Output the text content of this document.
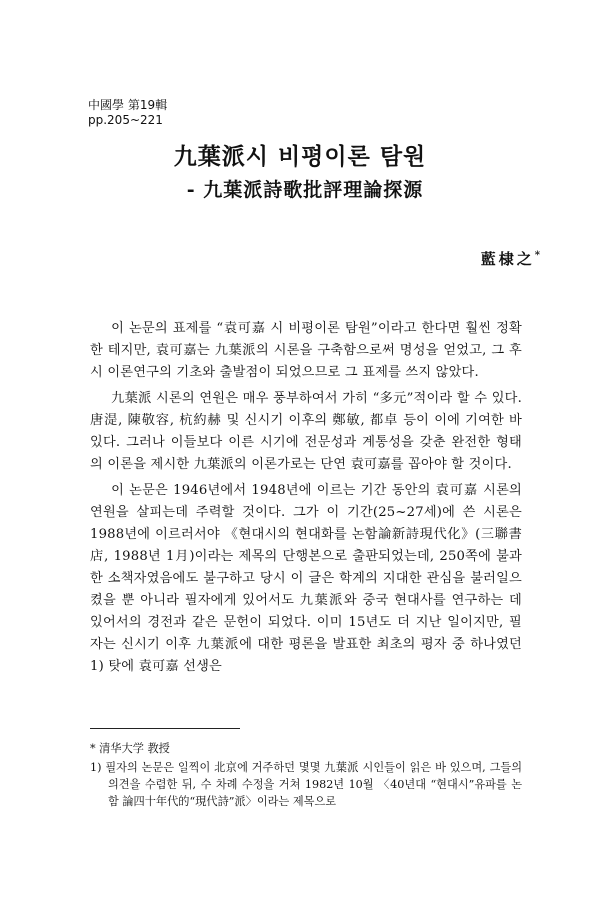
中國學 第19輯
pp.205~221
九葉派시 비평이론 탐원
- 九葉派詩歌批評理論探源
藍棣之*

이 논문의 표제를 “袁可嘉 시 비평이론 탐원”이라고 한다면 훨씬 정확한 테지만, 袁可嘉는 九葉派의 시론을 구축함으로써 명성을 얻었고, 그 후 시 이론연구의 기초와 출발점이 되었으므로 그 표제를 쓰지 않았다.

九葉派 시론의 연원은 매우 풍부하여서 가히 “多元”적이라 할 수 있다. 唐湜, 陳敬容, 杭約赫 및 신시기 이후의 鄭敏, 都卓 등이 이에 기여한 바 있다. 그러나 이들보다 이른 시기에 전문성과 계통성을 갖춘 완전한 형태의 이론을 제시한 九葉派의 이론가로는 단연 袁可嘉를 꼽아야 할 것이다.

이 논문은 1946년에서 1948년에 이르는 기간 동안의 袁可嘉 시론의 연원을 살피는데 주력할 것이다. 그가 이 기간(25~27세)에 쓴 시론은 1988년에 이르러서야 《현대시의 현대화를 논함論新詩現代化》(三聯書店, 1988년 1月)이라는 제목의 단행본으로 출판되었는데, 250쪽에 불과한 소책자였음에도 불구하고 당시 이 글은 학계의 지대한 관심을 불러일으켰을 뿐 아니라 필자에게 있어서도 九葉派와 중국 현대사를 연구하는 데 있어서의 경전과 같은 문헌이 되었다. 이미 15년도 더 지난 일이지만, 필자는 신시기 이후 九葉派에 대한 평론을 발표한 최초의 평자 중 하나였던1) 탓에 袁可嘉 선생은

* 清华大学 教授

1) 필자의 논문은 일찍이 北京에 거주하던 몇몇 九葉派 시인들이 읽은 바 있으며, 그들의 의견을 수렴한 뒤, 수 차례 수정을 거쳐 1982년 10월 〈40년대 “현대시”유파를 논함 論四十年代的“現代詩”派〉이라는 제목으로
